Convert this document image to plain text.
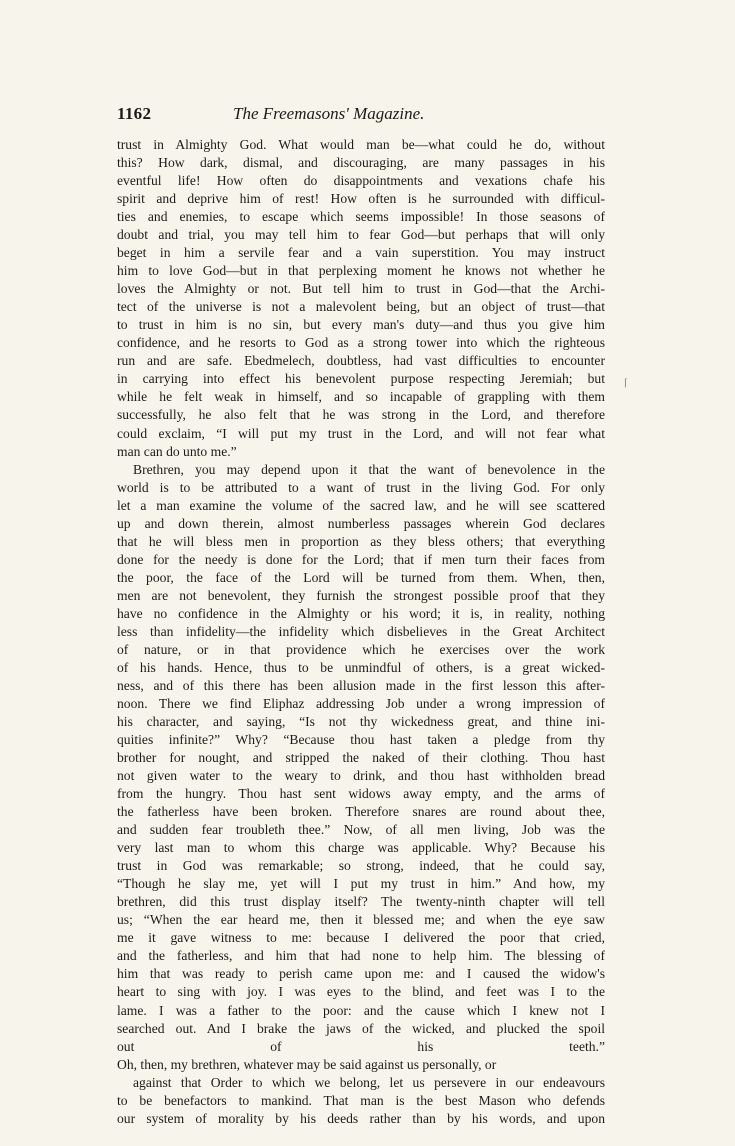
1162	The Freemasons' Magazine.
⌈
trust in Almighty God. What would man be—what could he do, without
this? How dark, dismal, and discouraging, are many passages in his
eventful life! How often do disappointments and vexations chafe his
spirit and deprive him of rest! How often is he surrounded with difficul-
ties and enemies, to escape which seems impossible! In those seasons of
doubt and trial, you may tell him to fear God—but perhaps that will only
beget in him a servile fear and a vain superstition. You may instruct
him to love God—but in that perplexing moment he knows not whether he
loves the Almighty or not. But tell him to trust in God—that the Archi-
tect of the universe is not a malevolent being, but an object of trust—that
to trust in him is no sin, but every man's duty—and thus you give him
confidence, and he resorts to God as a strong tower into which the righteous
run and are safe. Ebedmelech, doubtless, had vast difficulties to encounter
in carrying into effect his benevolent purpose respecting Jeremiah; but
while he felt weak in himself, and so incapable of grappling with them
successfully, he also felt that he was strong in the Lord, and therefore
could exclaim, “I will put my trust in the Lord, and will not fear what
man can do unto me.”
Brethren, you may depend upon it that the want of benevolence in the
world is to be attributed to a want of trust in the living God. For only
let a man examine the volume of the sacred law, and he will see scattered
up and down therein, almost numberless passages wherein God declares
that he will bless men in proportion as they bless others; that everything
done for the needy is done for the Lord; that if men turn their faces from
the poor, the face of the Lord will be turned from them. When, then,
men are not benevolent, they furnish the strongest possible proof that they
have no confidence in the Almighty or his word; it is, in reality, nothing
less than infidelity—the infidelity which disbelieves in the Great Architect
of nature, or in that providence which he exercises over the work
of his hands. Hence, thus to be unmindful of others, is a great wicked-
ness, and of this there has been allusion made in the first lesson this after-
noon. There we find Eliphaz addressing Job under a wrong impression of
his character, and saying, “Is not thy wickedness great, and thine ini-
quities infinite?” Why? “Because thou hast taken a pledge from thy
brother for nought, and stripped the naked of their clothing. Thou hast
not given water to the weary to drink, and thou hast withholden bread
from the hungry. Thou hast sent widows away empty, and the arms of
the fatherless have been broken. Therefore snares are round about thee,
and sudden fear troubleth thee.” Now, of all men living, Job was the
very last man to whom this charge was applicable. Why? Because his
trust in God was remarkable; so strong, indeed, that he could say,
“Though he slay me, yet will I put my trust in him.” And how, my
brethren, did this trust display itself? The twenty-ninth chapter will tell
us; “When the ear heard me, then it blessed me; and when the eye saw
me it gave witness to me: because I delivered the poor that cried,
and the fatherless, and him that had none to help him. The blessing of
him that was ready to perish came upon me: and I caused the widow's
heart to sing with joy. I was eyes to the blind, and feet was I to the
lame. I was a father to the poor: and the cause which I knew not I
searched out. And I brake the jaws of the wicked, and plucked the spoil
out of his teeth.”
Oh, then, my brethren, whatever may be said against us personally, or
against that Order to which we belong, let us persevere in our endeavours
to be benefactors to mankind. That man is the best Mason who defends
our system of morality by his deeds rather than by his words, and upon
